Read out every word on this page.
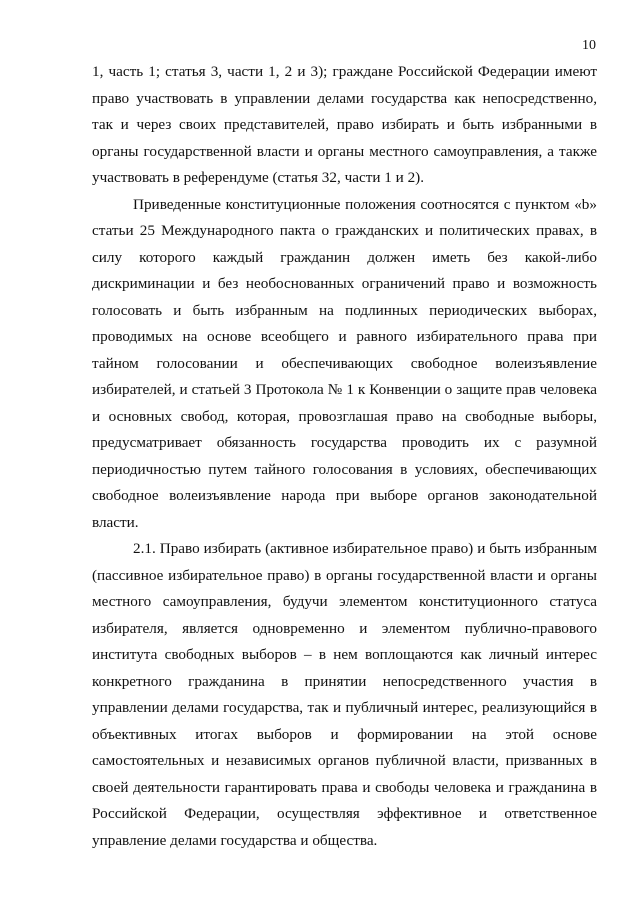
10

1, часть 1; статья 3, части 1, 2 и 3); граждане Российской Федерации имеют
право участвовать в управлении делами государства как непосредственно,
так и через своих представителей, право избирать и быть избранными в
органы государственной власти и органы местного самоуправления, а также
участвовать в референдуме (статья 32, части 1 и 2).

Приведенные конституционные положения соотносятся с пунктом «b»
статьи 25 Международного пакта о гражданских и политических правах, в
силу которого каждый гражданин должен иметь без какой-либо
дискриминации и без необоснованных ограничений право и возможность
голосовать и быть избранным на подлинных периодических выборах,
проводимых на основе всеобщего и равного избирательного права при
тайном голосовании и обеспечивающих свободное волеизъявление
избирателей, и статьей 3 Протокола № 1 к Конвенции о защите прав человека
и основных свобод, которая, провозглашая право на свободные выборы,
предусматривает обязанность государства проводить их с разумной
периодичностью путем тайного голосования в условиях, обеспечивающих
свободное волеизъявление народа при выборе органов законодательной
власти.

2.1. Право избирать (активное избирательное право) и быть избранным
(пассивное избирательное право) в органы государственной власти и органы
местного самоуправления, будучи элементом конституционного статуса
избирателя, является одновременно и элементом публично-правового
института свободных выборов – в нем воплощаются как личный интерес
конкретного гражданина в принятии непосредственного участия в
управлении делами государства, так и публичный интерес, реализующийся в
объективных итогах выборов и формировании на этой основе
самостоятельных и независимых органов публичной власти, призванных в
своей деятельности гарантировать права и свободы человека и гражданина в
Российской Федерации, осуществляя эффективное и ответственное
управление делами государства и общества.
